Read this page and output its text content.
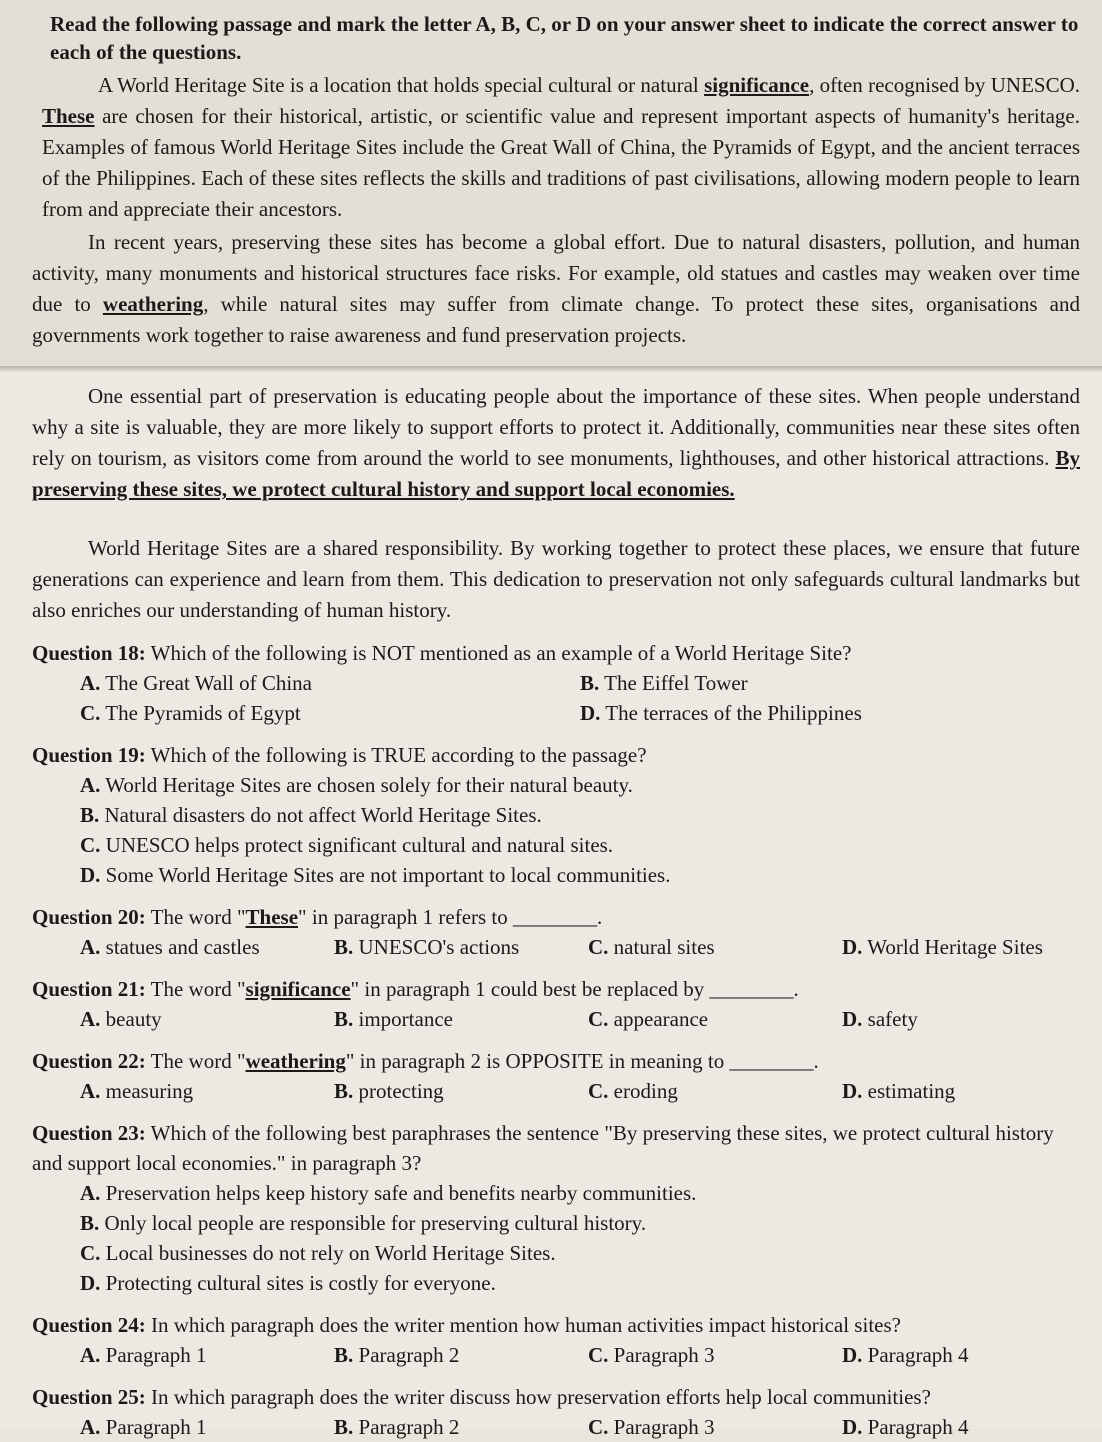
Read the following passage and mark the letter A, B, C, or D on your answer sheet to indicate the correct answer to each of the questions.

A World Heritage Site is a location that holds special cultural or natural significance, often recognised by UNESCO. These are chosen for their historical, artistic, or scientific value and represent important aspects of humanity's heritage. Examples of famous World Heritage Sites include the Great Wall of China, the Pyramids of Egypt, and the ancient terraces of the Philippines. Each of these sites reflects the skills and traditions of past civilisations, allowing modern people to learn from and appreciate their ancestors.

In recent years, preserving these sites has become a global effort. Due to natural disasters, pollution, and human activity, many monuments and historical structures face risks. For example, old statues and castles may weaken over time due to weathering, while natural sites may suffer from climate change. To protect these sites, organisations and governments work together to raise awareness and fund preservation projects.

One essential part of preservation is educating people about the importance of these sites. When people understand why a site is valuable, they are more likely to support efforts to protect it. Additionally, communities near these sites often rely on tourism, as visitors come from around the world to see monuments, lighthouses, and other historical attractions. By preserving these sites, we protect cultural history and support local economies.

World Heritage Sites are a shared responsibility. By working together to protect these places, we ensure that future generations can experience and learn from them. This dedication to preservation not only safeguards cultural landmarks but also enriches our understanding of human history.

Question 18: Which of the following is NOT mentioned as an example of a World Heritage Site?
A. The Great Wall of China	B. The Eiffel Tower
C. The Pyramids of Egypt	D. The terraces of the Philippines
Question 19: Which of the following is TRUE according to the passage?
A. World Heritage Sites are chosen solely for their natural beauty.
B. Natural disasters do not affect World Heritage Sites.
C. UNESCO helps protect significant cultural and natural sites.
D. Some World Heritage Sites are not important to local communities.
Question 20: The word "These" in paragraph 1 refers to ________.
A. statues and castles	B. UNESCO's actions	C. natural sites	D. World Heritage Sites
Question 21: The word "significance" in paragraph 1 could best be replaced by ________.
A. beauty	B. importance	C. appearance	D. safety
Question 22: The word "weathering" in paragraph 2 is OPPOSITE in meaning to ________.
A. measuring	B. protecting	C. eroding	D. estimating
Question 23: Which of the following best paraphrases the sentence "By preserving these sites, we protect cultural history and support local economies." in paragraph 3?
A. Preservation helps keep history safe and benefits nearby communities.
B. Only local people are responsible for preserving cultural history.
C. Local businesses do not rely on World Heritage Sites.
D. Protecting cultural sites is costly for everyone.
Question 24: In which paragraph does the writer mention how human activities impact historical sites?
A. Paragraph 1	B. Paragraph 2	C. Paragraph 3	D. Paragraph 4
Question 25: In which paragraph does the writer discuss how preservation efforts help local communities?
A. Paragraph 1	B. Paragraph 2	C. Paragraph 3	D. Paragraph 4
